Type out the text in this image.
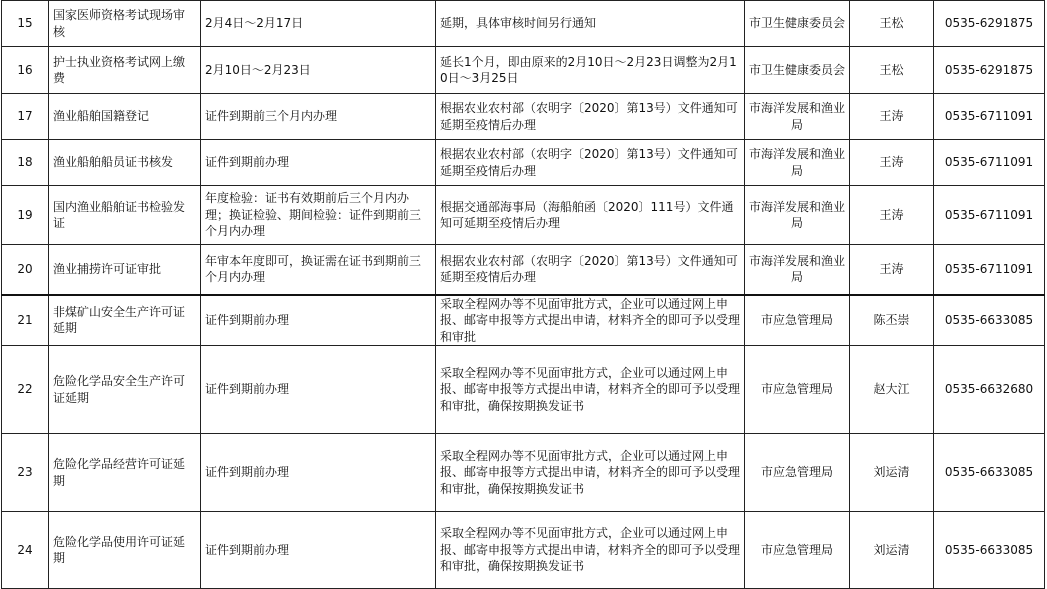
15	国家医师资格考试现场审核	2月4日～2月17日	延期，具体审核时间另行通知	市卫生健康委员会	王松	0535-6291875
16	护士执业资格考试网上缴费	2月10日～2月23日	延长1个月，即由原来的2月10日～2月23日调整为2月10日～3月25日	市卫生健康委员会	王松	0535-6291875
17	渔业船舶国籍登记	证件到期前三个月内办理	根据农业农村部（农明字〔2020〕第13号）文件通知可延期至疫情后办理	市海洋发展和渔业局	王涛	0535-6711091
18	渔业船舶船员证书核发	证件到期前办理	根据农业农村部（农明字〔2020〕第13号）文件通知可延期至疫情后办理	市海洋发展和渔业局	王涛	0535-6711091
19	国内渔业船舶证书检验发证	年度检验：证书有效期前后三个月内办理；换证检验、期间检验：证件到期前三个月内办理	根据交通部海事局（海船舶函〔2020〕111号）文件通知可延期至疫情后办理	市海洋发展和渔业局	王涛	0535-6711091
20	渔业捕捞许可证审批	年审本年度即可，换证需在证书到期前三个月内办理	根据农业农村部（农明字〔2020〕第13号）文件通知可延期至疫情后办理	市海洋发展和渔业局	王涛	0535-6711091
21	非煤矿山安全生产许可证延期	证件到期前办理	采取全程网办等不见面审批方式，企业可以通过网上申报、邮寄申报等方式提出申请，材料齐全的即可予以受理和审批	市应急管理局	陈丕崇	0535-6633085
22	危险化学品安全生产许可证延期	证件到期前办理	采取全程网办等不见面审批方式，企业可以通过网上申报、邮寄申报等方式提出申请，材料齐全的即可予以受理和审批，确保按期换发证书	市应急管理局	赵大江	0535-6632680
23	危险化学品经营许可证延期	证件到期前办理	采取全程网办等不见面审批方式，企业可以通过网上申报、邮寄申报等方式提出申请，材料齐全的即可予以受理和审批，确保按期换发证书	市应急管理局	刘运清	0535-6633085
24	危险化学品使用许可证延期	证件到期前办理	采取全程网办等不见面审批方式，企业可以通过网上申报、邮寄申报等方式提出申请，材料齐全的即可予以受理和审批，确保按期换发证书	市应急管理局	刘运清	0535-6633085
